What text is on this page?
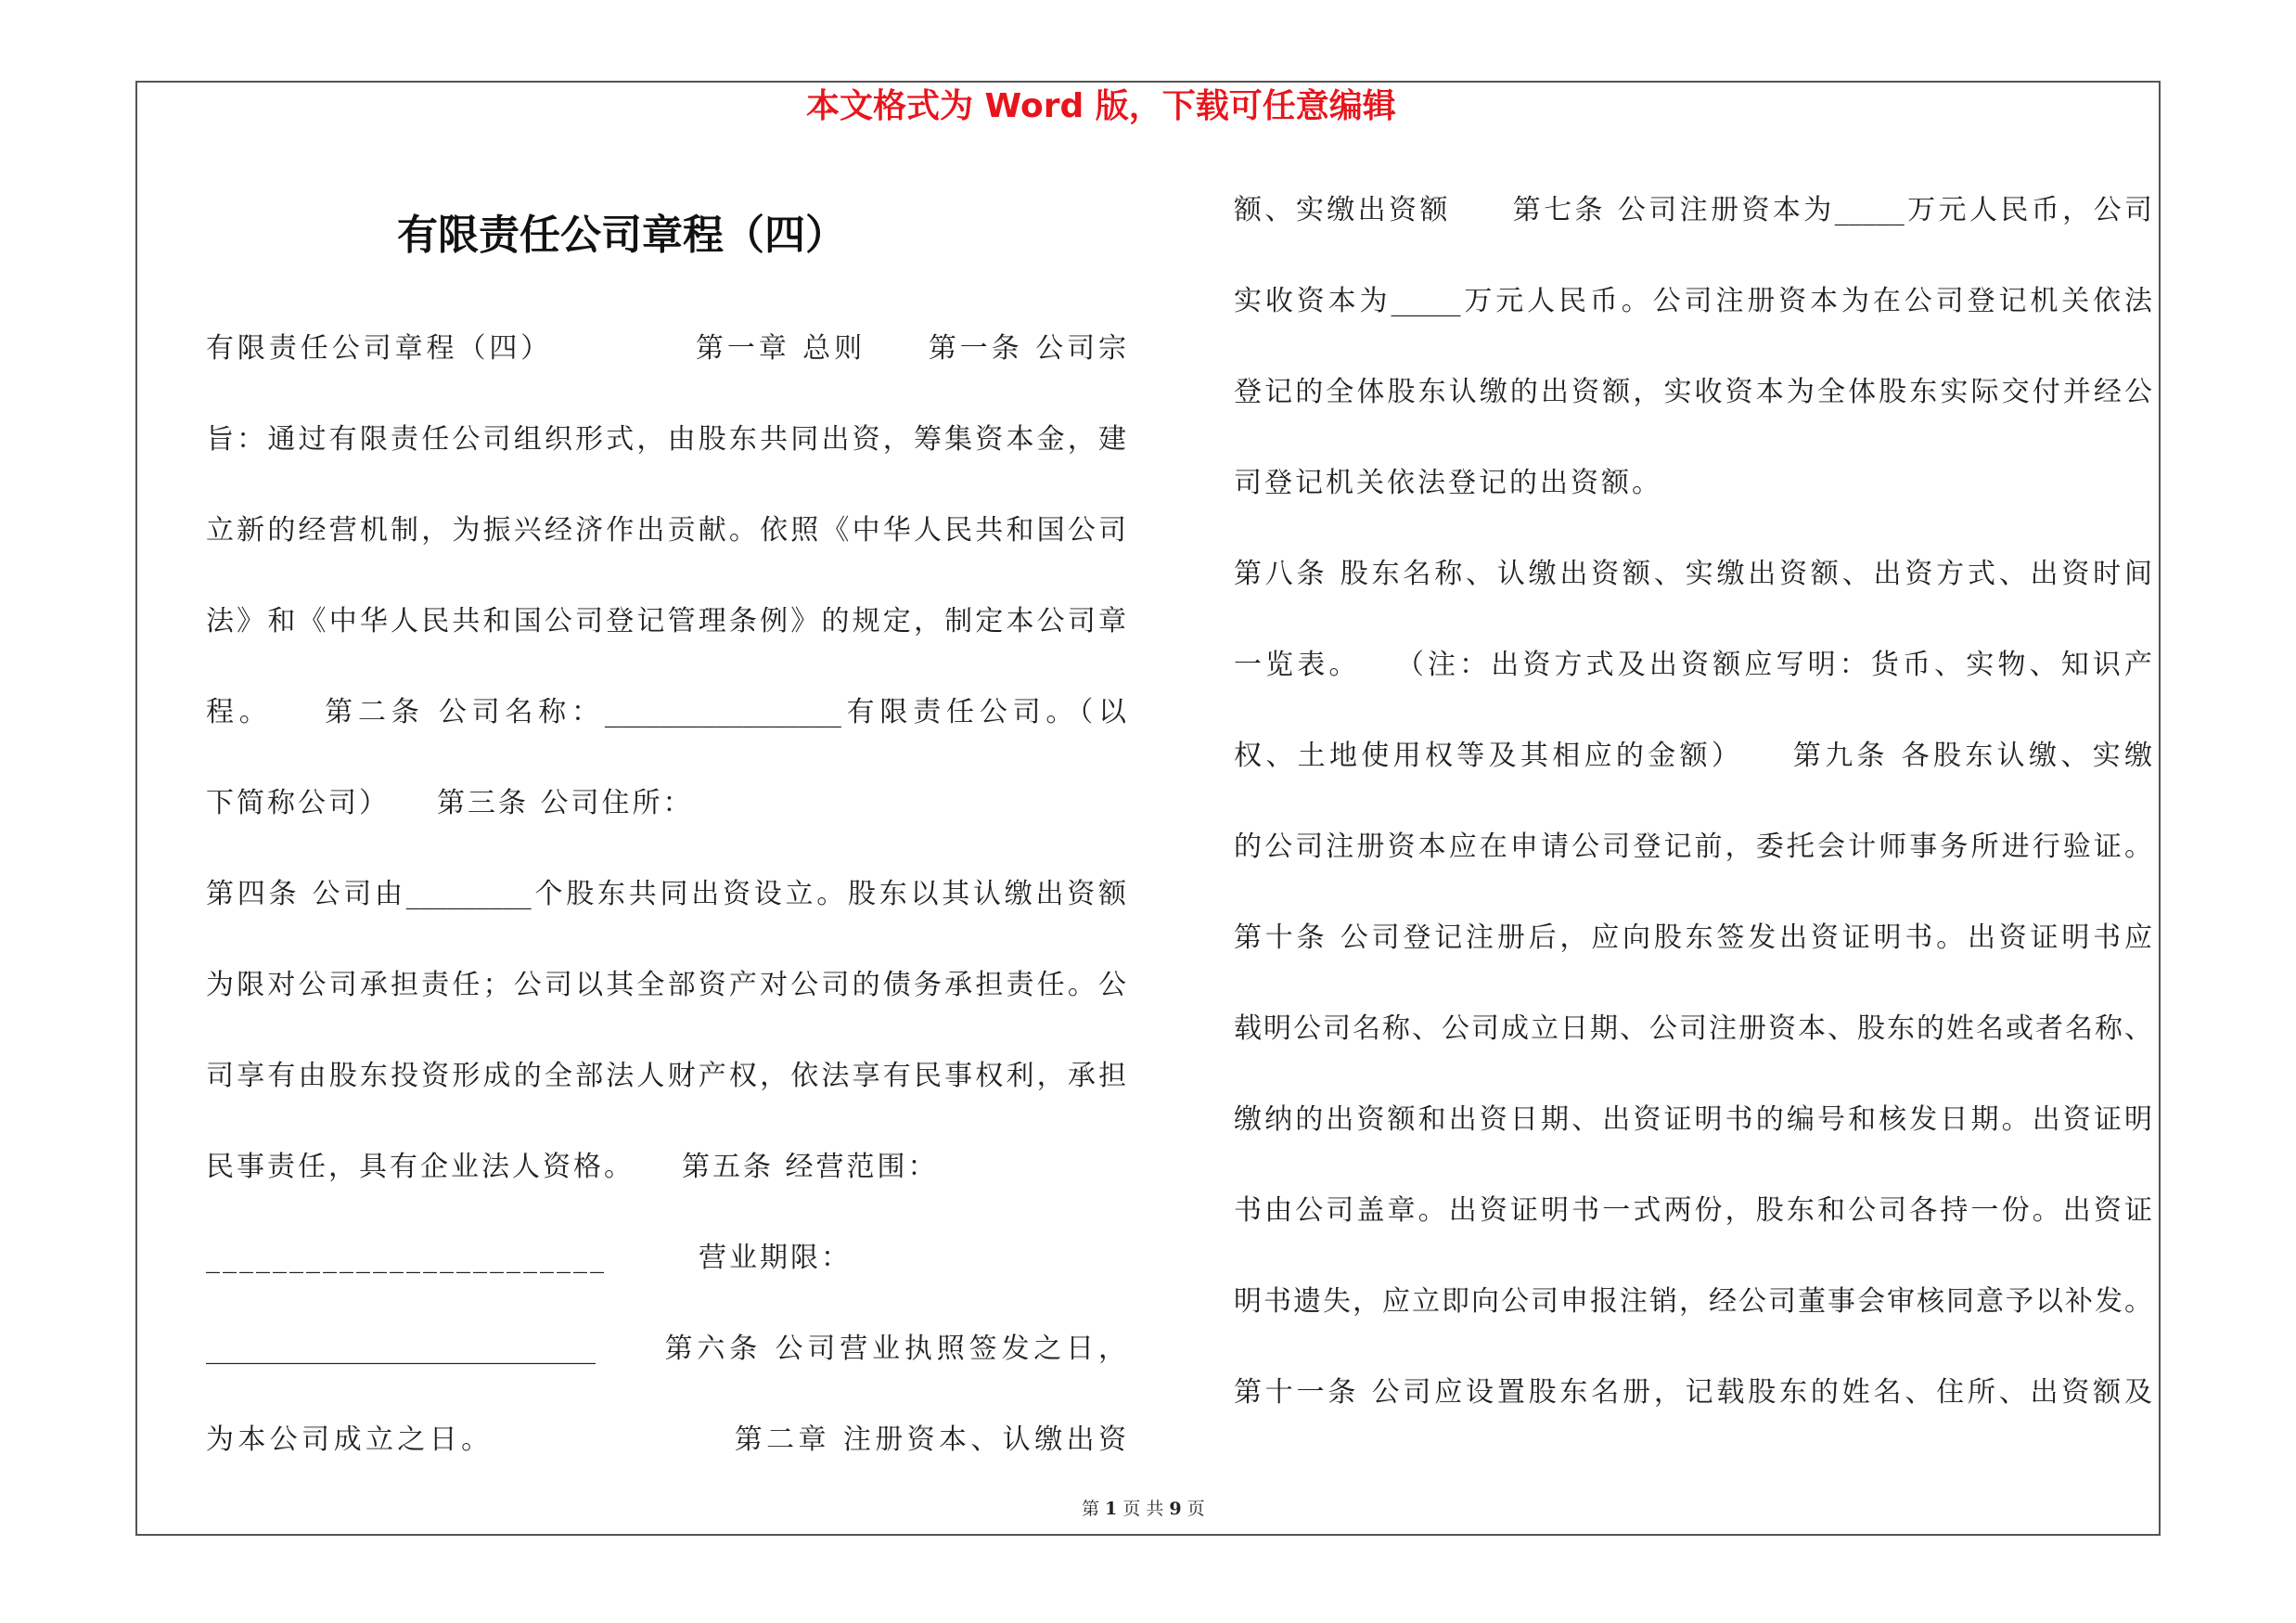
本文格式为 Word 版，下载可任意编辑
有限责任公司章程（四）
有限责任公司章程（四）　　　　　第一章 总则　　第一条 公司宗
旨：通过有限责任公司组织形式，由股东共同出资，筹集资本金，建
立新的经营机制，为振兴经济作出贡献。依照《中华人民共和国公司
法》和《中华人民共和国公司登记管理条例》的规定，制定本公司章
程。　　第二条 公司名称：_________________有限责任公司。（以
下简称公司）　　第三条 公司住所：
第四条 公司由_________个股东共同出资设立。股东以其认缴出资额
为限对公司承担责任；公司以其全部资产对公司的债务承担责任。公
司享有由股东投资形成的全部法人财产权，依法享有民事权利，承担
民事责任，具有企业法人资格。　　第五条 经营范围：
________________________　　　营业期限：
____________________________　　第六条 公司营业执照签发之日，
为本公司成立之日。　　　　　　　　第二章 注册资本、认缴出资
额、实缴出资额　　第七条 公司注册资本为_____万元人民币，公司
实收资本为_____万元人民币。公司注册资本为在公司登记机关依法
登记的全体股东认缴的出资额，实收资本为全体股东实际交付并经公
司登记机关依法登记的出资额。
第八条 股东名称、认缴出资额、实缴出资额、出资方式、出资时间
一览表。　　（注：出资方式及出资额应写明：货币、实物、知识产
权、土地使用权等及其相应的金额）　　第九条 各股东认缴、实缴
的公司注册资本应在申请公司登记前，委托会计师事务所进行验证。
第十条 公司登记注册后，应向股东签发出资证明书。出资证明书应
载明公司名称、公司成立日期、公司注册资本、股东的姓名或者名称、
缴纳的出资额和出资日期、出资证明书的编号和核发日期。出资证明
书由公司盖章。出资证明书一式两份，股东和公司各持一份。出资证
明书遗失，应立即向公司申报注销，经公司董事会审核同意予以补发。
第十一条 公司应设置股东名册，记载股东的姓名、住所、出资额及
第 1 页 共 9 页
